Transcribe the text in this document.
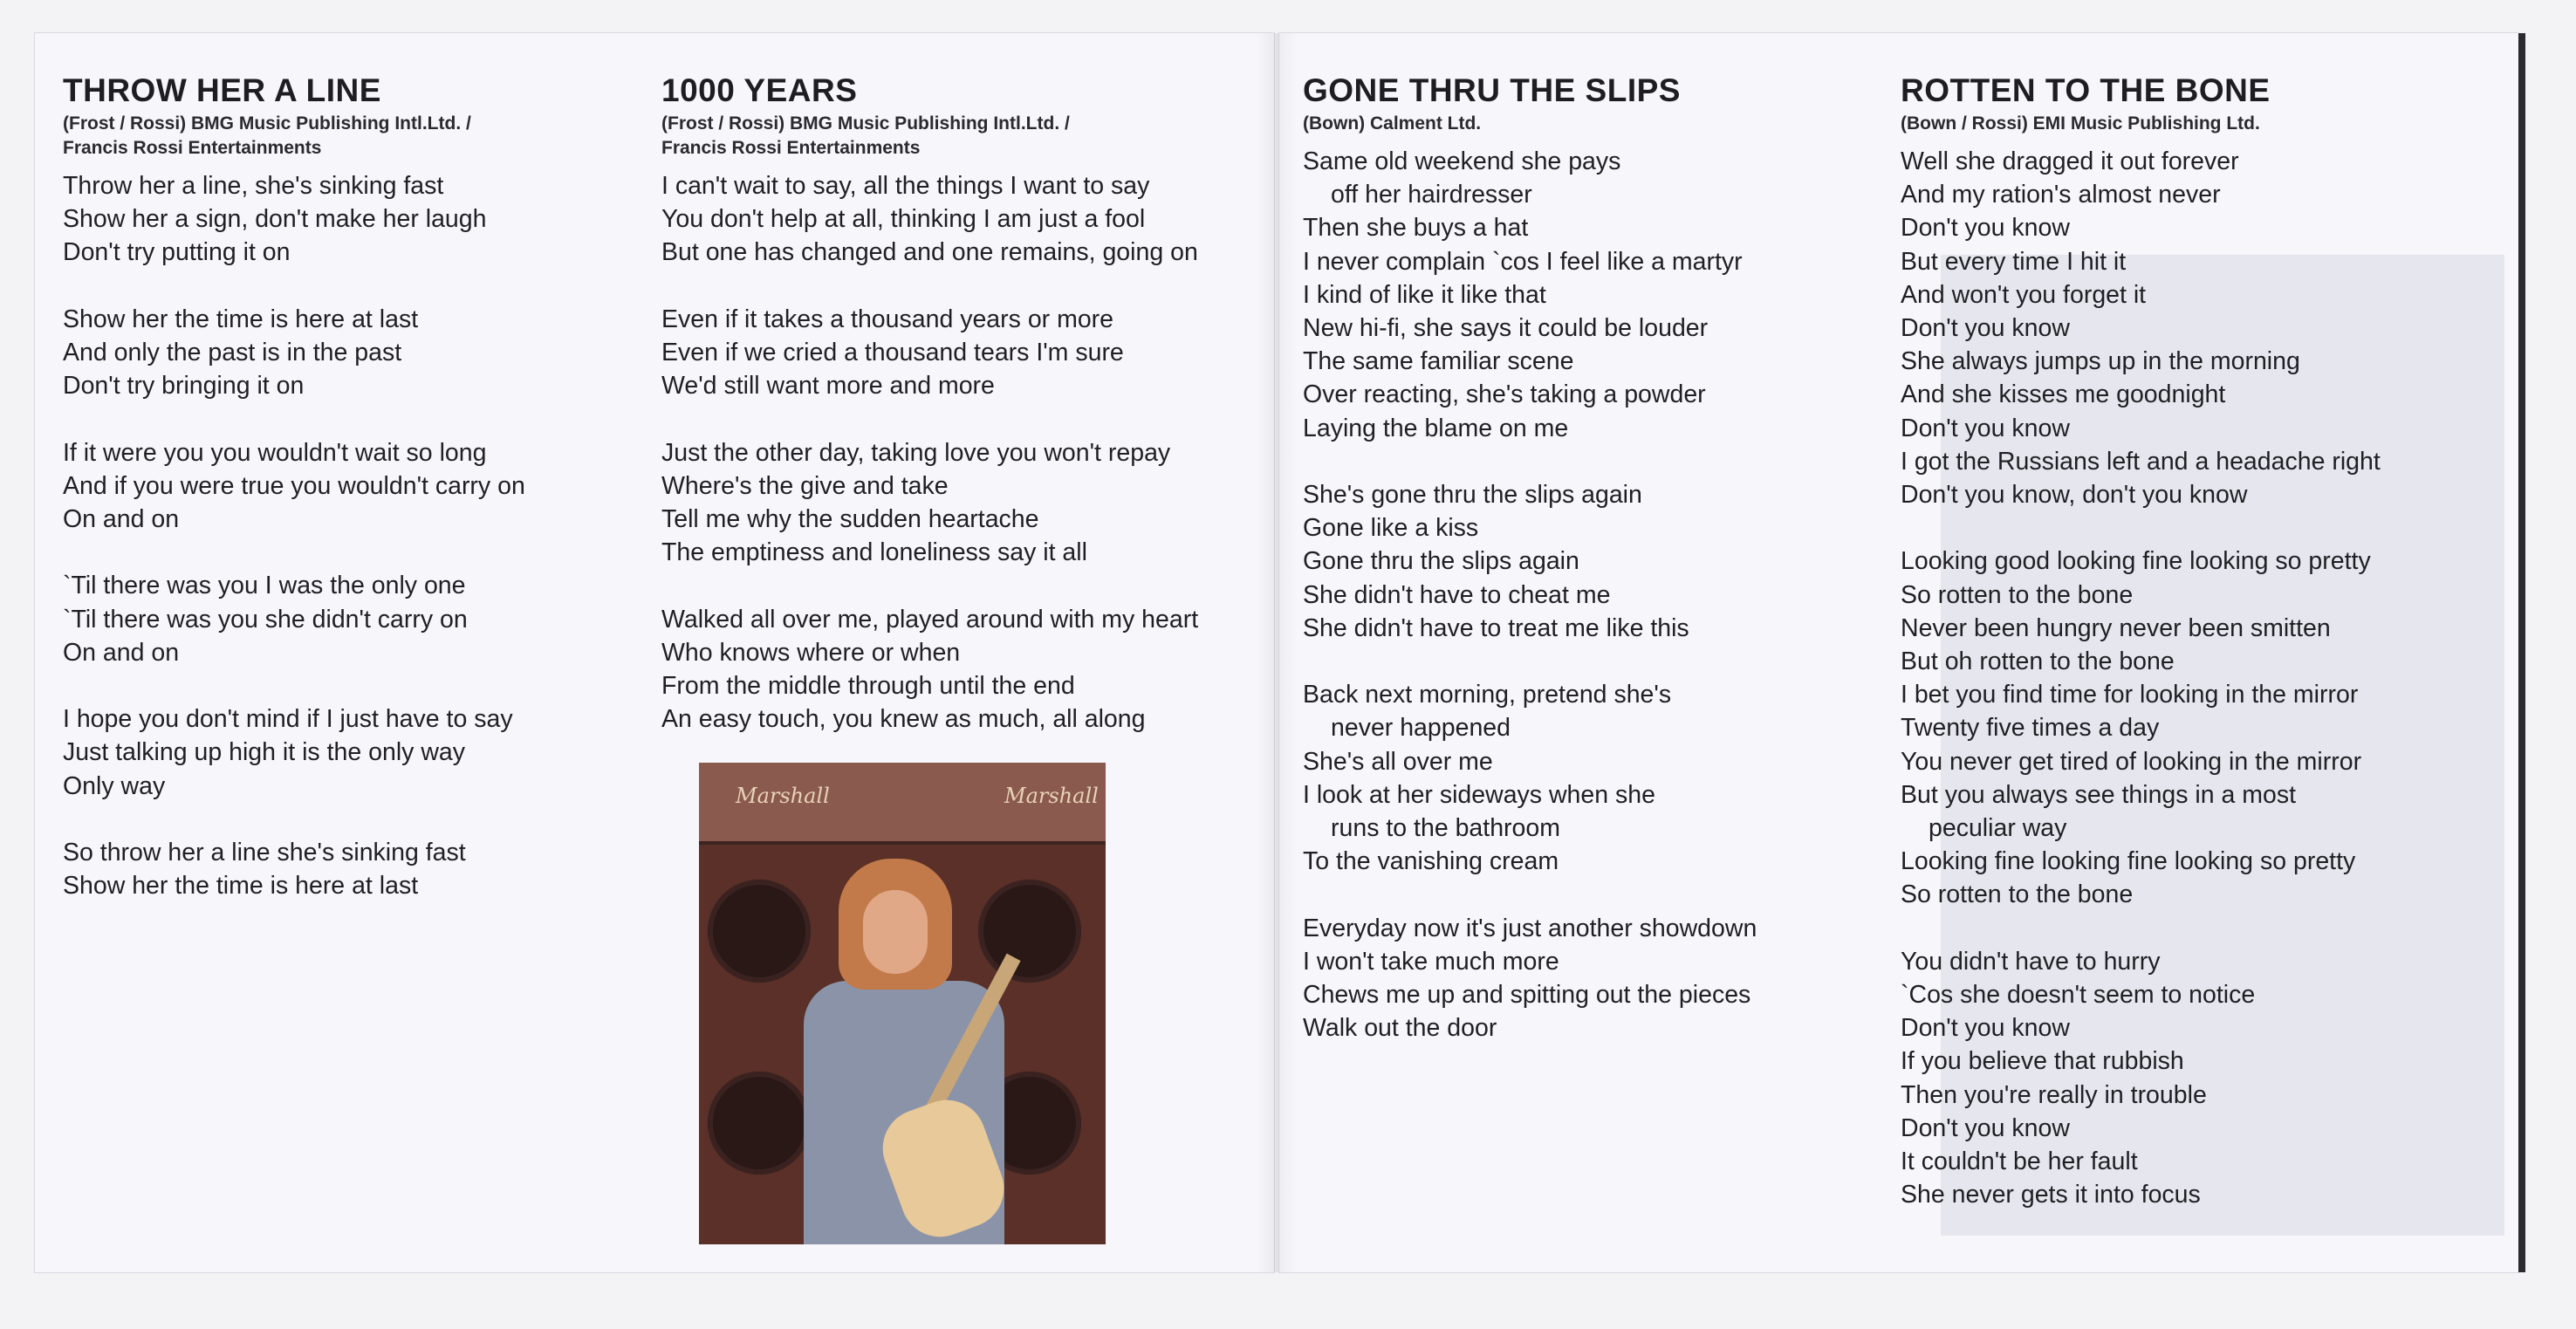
THROW HER A LINE
(Frost / Rossi) BMG Music Publishing Intl.Ltd. /
Francis Rossi Entertainments
Throw her a line, she's sinking fast
Show her a sign, don't make her laugh
Don't try putting it on
Show her the time is here at last
And only the past is in the past
Don't try bringing it on
If it were you you wouldn't wait so long
And if you were true you wouldn't carry on
On and on
`Til there was you I was the only one
`Til there was you she didn't carry on
On and on
I hope you don't mind if I just have to say
Just talking up high it is the only way
Only way
So throw her a line she's sinking fast
Show her the time is here at last
1000 YEARS
(Frost / Rossi) BMG Music Publishing Intl.Ltd. /
Francis Rossi Entertainments
I can't wait to say, all the things I want to say
You don't help at all, thinking I am just a fool
But one has changed and one remains, going on
Even if it takes a thousand years or more
Even if we cried a thousand tears I'm sure
We'd still want more and more
Just the other day, taking love you won't repay
Where's the give and take
Tell me why the sudden heartache
The emptiness and loneliness say it all
Walked all over me, played around with my heart
Who knows where or when
From the middle through until the end
An easy touch, you knew as much, all along
Marshall	Marshall
GONE THRU THE SLIPS
(Bown) Calment Ltd.
Same old weekend she pays
off her hairdresser
Then she buys a hat
I never complain `cos I feel like a martyr
I kind of like it like that
New hi-fi, she says it could be louder
The same familiar scene
Over reacting, she's taking a powder
Laying the blame on me
She's gone thru the slips again
Gone like a kiss
Gone thru the slips again
She didn't have to cheat me
She didn't have to treat me like this
Back next morning, pretend she's
never happened
She's all over me
I look at her sideways when she
runs to the bathroom
To the vanishing cream
Everyday now it's just another showdown
I won't take much more
Chews me up and spitting out the pieces
Walk out the door
ROTTEN TO THE BONE
(Bown / Rossi) EMI Music Publishing Ltd.
Well she dragged it out forever
And my ration's almost never
Don't you know
But every time I hit it
And won't you forget it
Don't you know
She always jumps up in the morning
And she kisses me goodnight
Don't you know
I got the Russians left and a headache right
Don't you know, don't you know
Looking good looking fine looking so pretty
So rotten to the bone
Never been hungry never been smitten
But oh rotten to the bone
I bet you find time for looking in the mirror
Twenty five times a day
You never get tired of looking in the mirror
But you always see things in a most
peculiar way
Looking fine looking fine looking so pretty
So rotten to the bone
You didn't have to hurry
`Cos she doesn't seem to notice
Don't you know
If you believe that rubbish
Then you're really in trouble
Don't you know
It couldn't be her fault
She never gets it into focus
